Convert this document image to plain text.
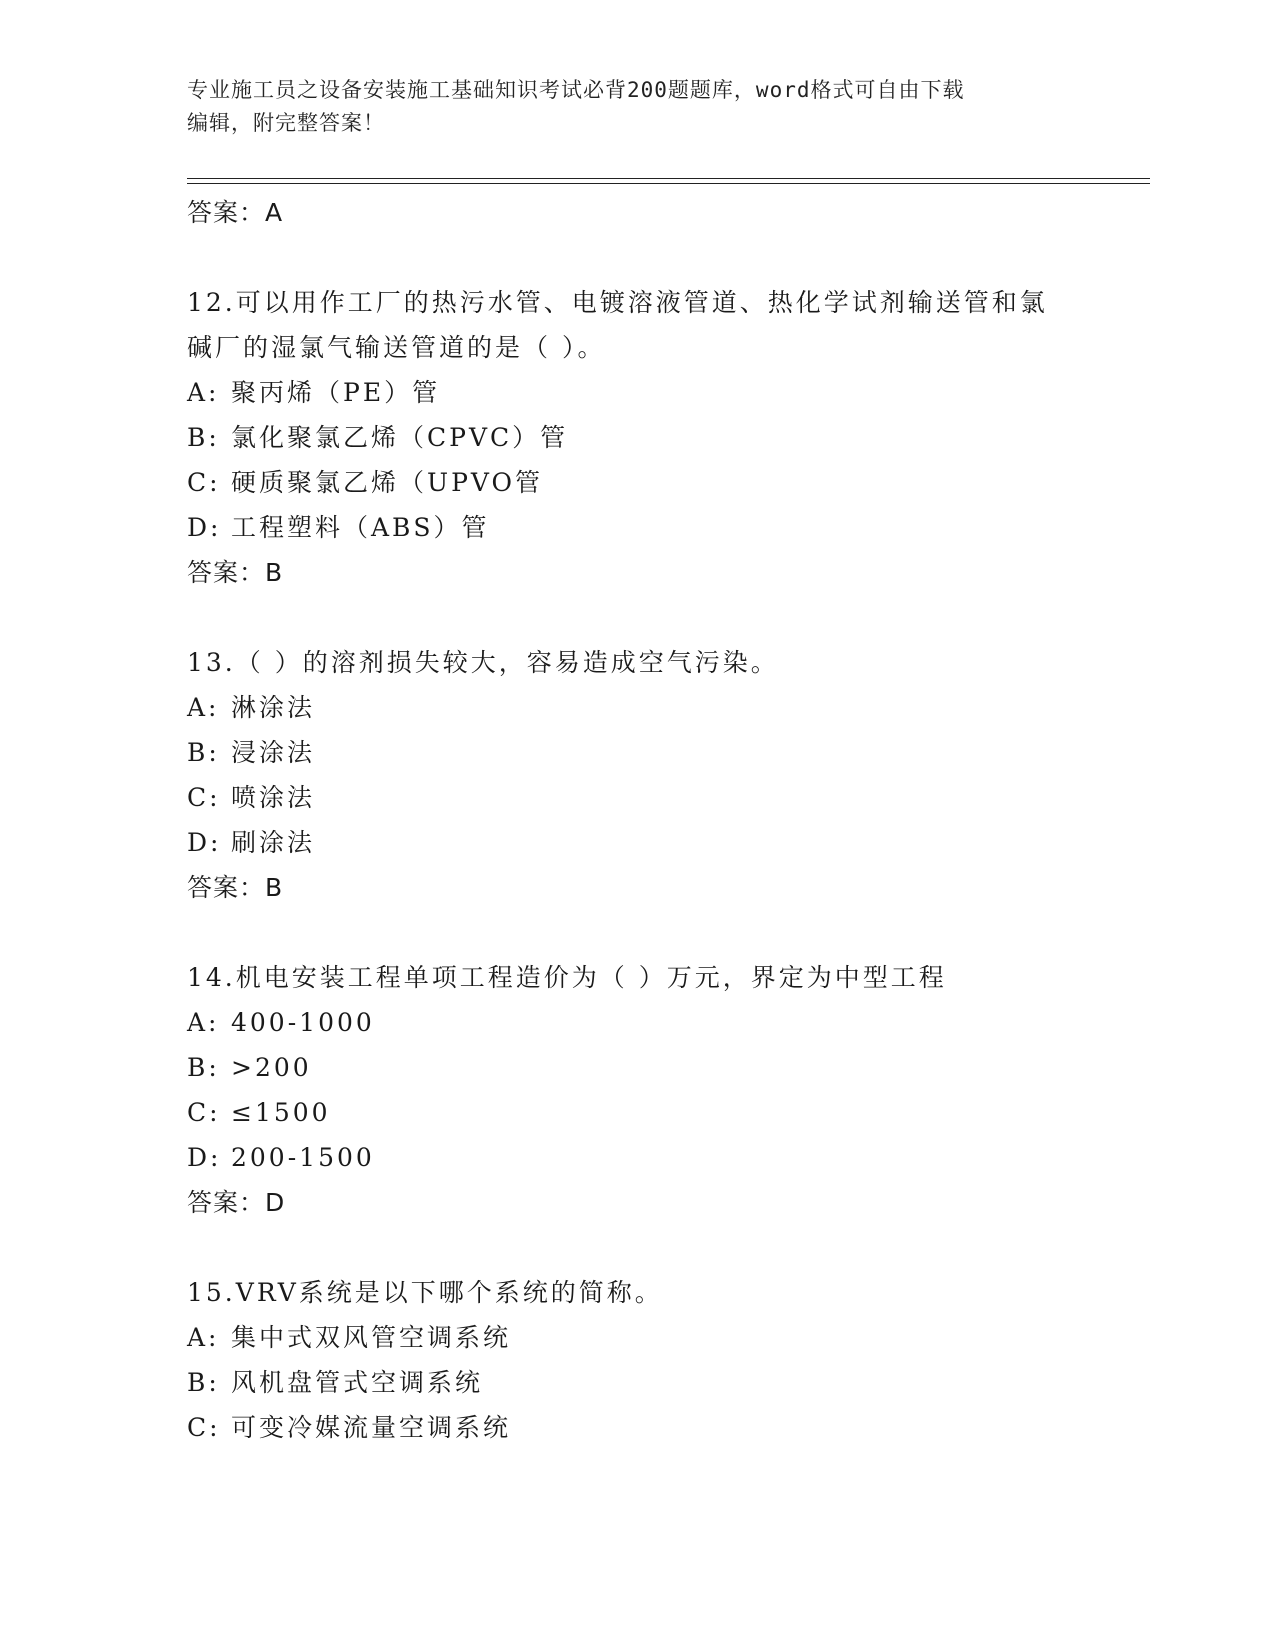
专业施工员之设备安装施工基础知识考试必背200题题库，word格式可自由下载
编辑，附完整答案！
答案：A
12.可以用作工厂的热污水管、电镀溶液管道、热化学试剂输送管和氯
碱厂的湿氯气输送管道的是（ ）。
A: 聚丙烯（PE）管
B: 氯化聚氯乙烯（CPVC）管
C: 硬质聚氯乙烯（UPVO管
D: 工程塑料（ABS）管
答案：B
13.（ ）的溶剂损失较大，容易造成空气污染。
A: 淋涂法
B: 浸涂法
C: 喷涂法
D: 刷涂法
答案：B
14.机电安装工程单项工程造价为（ ）万元，界定为中型工程
A: 400-1000
B: >200
C: ≤1500
D: 200-1500
答案：D
15.VRV系统是以下哪个系统的简称。
A: 集中式双风管空调系统
B: 风机盘管式空调系统
C: 可变冷媒流量空调系统
